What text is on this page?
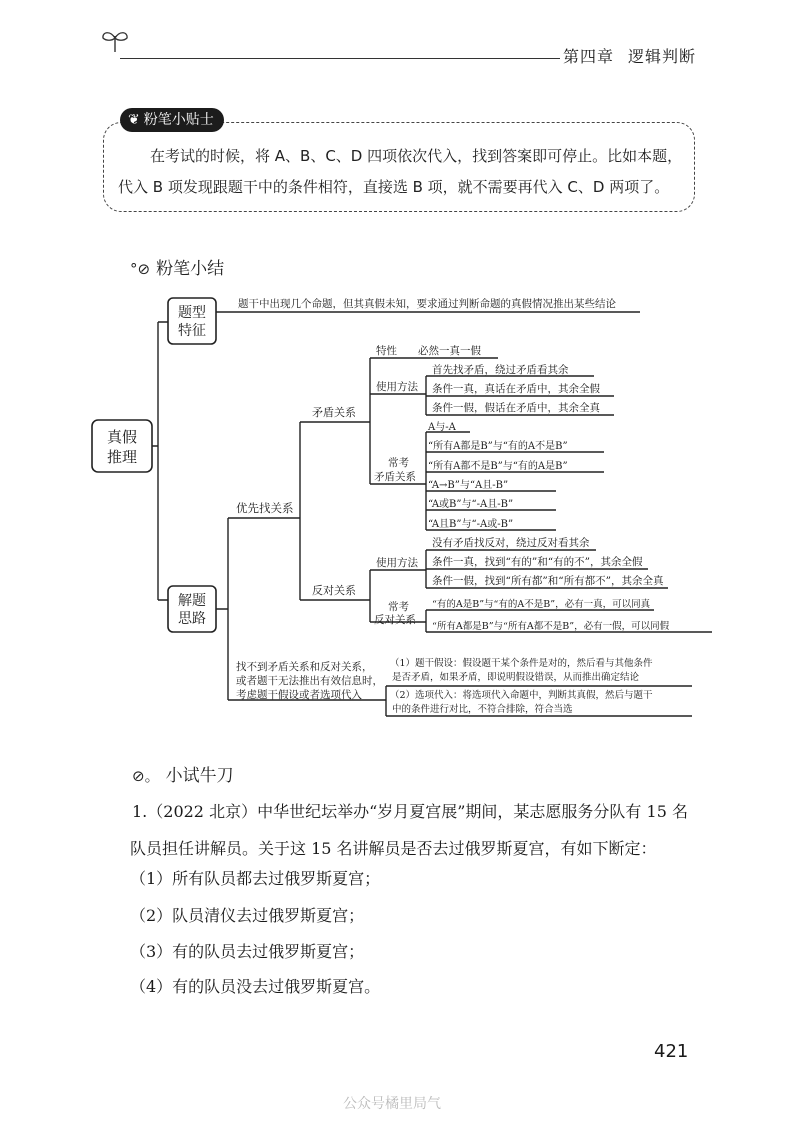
第四章 逻辑判断
❦ 粉笔小贴士

在考试的时候，将 A、B、C、D 四项依次代入，找到答案即可停止。比如本题，

代入 B 项发现跟题干中的条件相符，直接选 B 项，就不需要再代入 C、D 两项了。
°⊘ 粉笔小结
真假
推理
题型
特征
题干中出现几个命题，但其真假未知，要求通过判断命题的真假情况推出某些结论
解题
思路
优先找关系
矛盾关系
反对关系
特性 必然一真一假
使用方法
首先找矛盾，绕过矛盾看其余
条件一真，真话在矛盾中，其余全假
条件一假，假话在矛盾中，其余全真
常考
矛盾关系
A与-A
“所有A都是B”与“有的A不是B”
“所有A都不是B”与“有的A是B”
“A→B”与“A且-B”
“A或B”与“-A且-B”
“A且B”与“-A或-B”
使用方法
没有矛盾找反对，绕过反对看其余
条件一真，找到“有的”和“有的不”，其余全假
条件一假，找到“所有都”和“所有都不”，其余全真
常考
反对关系
“有的A是B”与“有的A不是B”，必有一真，可以同真
“所有A都是B”与“所有A都不是B”，必有一假，可以同假
找不到矛盾关系和反对关系，
或者题干无法推出有效信息时，
考虑题干假设或者选项代入
（1）题干假设：假设题干某个条件是对的，然后看与其他条件
是否矛盾，如果矛盾，即说明假设错误，从而推出确定结论
（2）选项代入：将选项代入命题中，判断其真假，然后与题干
中的条件进行对比，不符合排除，符合当选
⊘。 小试牛刀
1.（2022 北京）中华世纪坛举办“岁月夏宫展”期间，某志愿服务分队有 15 名队员担任讲解员。关于这 15 名讲解员是否去过俄罗斯夏宫，有如下断定：
（1）所有队员都去过俄罗斯夏宫；
（2）队员清仪去过俄罗斯夏宫；
（3）有的队员去过俄罗斯夏宫；
（4）有的队员没去过俄罗斯夏宫。
421
公众号橘里局气
